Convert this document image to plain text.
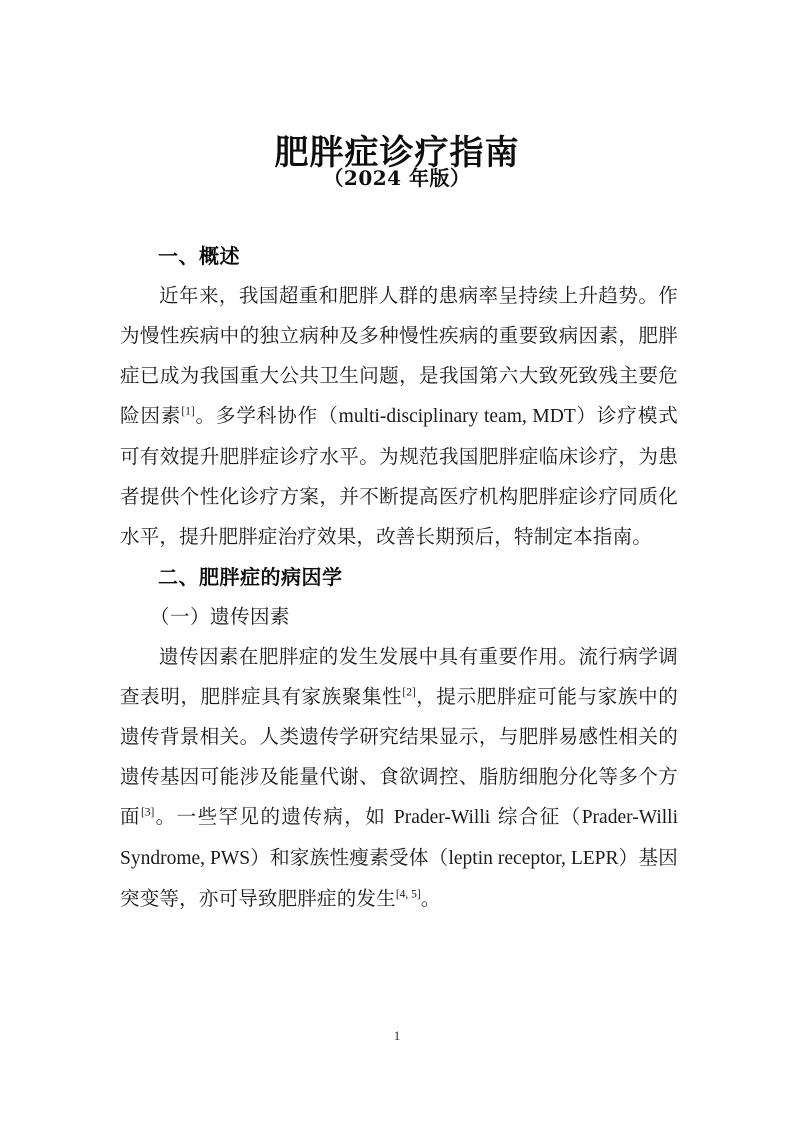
肥胖症诊疗指南
（2024 年版）
一、概述

近年来，我国超重和肥胖人群的患病率呈持续上升趋势。作为慢性疾病中的独立病种及多种慢性疾病的重要致病因素，肥胖症已成为我国重大公共卫生问题，是我国第六大致死致残主要危险因素[1]。多学科协作（multi-disciplinary team, MDT）诊疗模式可有效提升肥胖症诊疗水平。为规范我国肥胖症临床诊疗，为患者提供个性化诊疗方案，并不断提高医疗机构肥胖症诊疗同质化水平，提升肥胖症治疗效果，改善长期预后，特制定本指南。

二、肥胖症的病因学
（一）遗传因素

遗传因素在肥胖症的发生发展中具有重要作用。流行病学调查表明，肥胖症具有家族聚集性[2]，提示肥胖症可能与家族中的遗传背景相关。人类遗传学研究结果显示，与肥胖易感性相关的遗传基因可能涉及能量代谢、食欲调控、脂肪细胞分化等多个方面[3]。一些罕见的遗传病，如 Prader-Willi 综合征（Prader-Willi Syndrome, PWS）和家族性瘦素受体（leptin receptor, LEPR）基因突变等，亦可导致肥胖症的发生[4, 5]。

1
